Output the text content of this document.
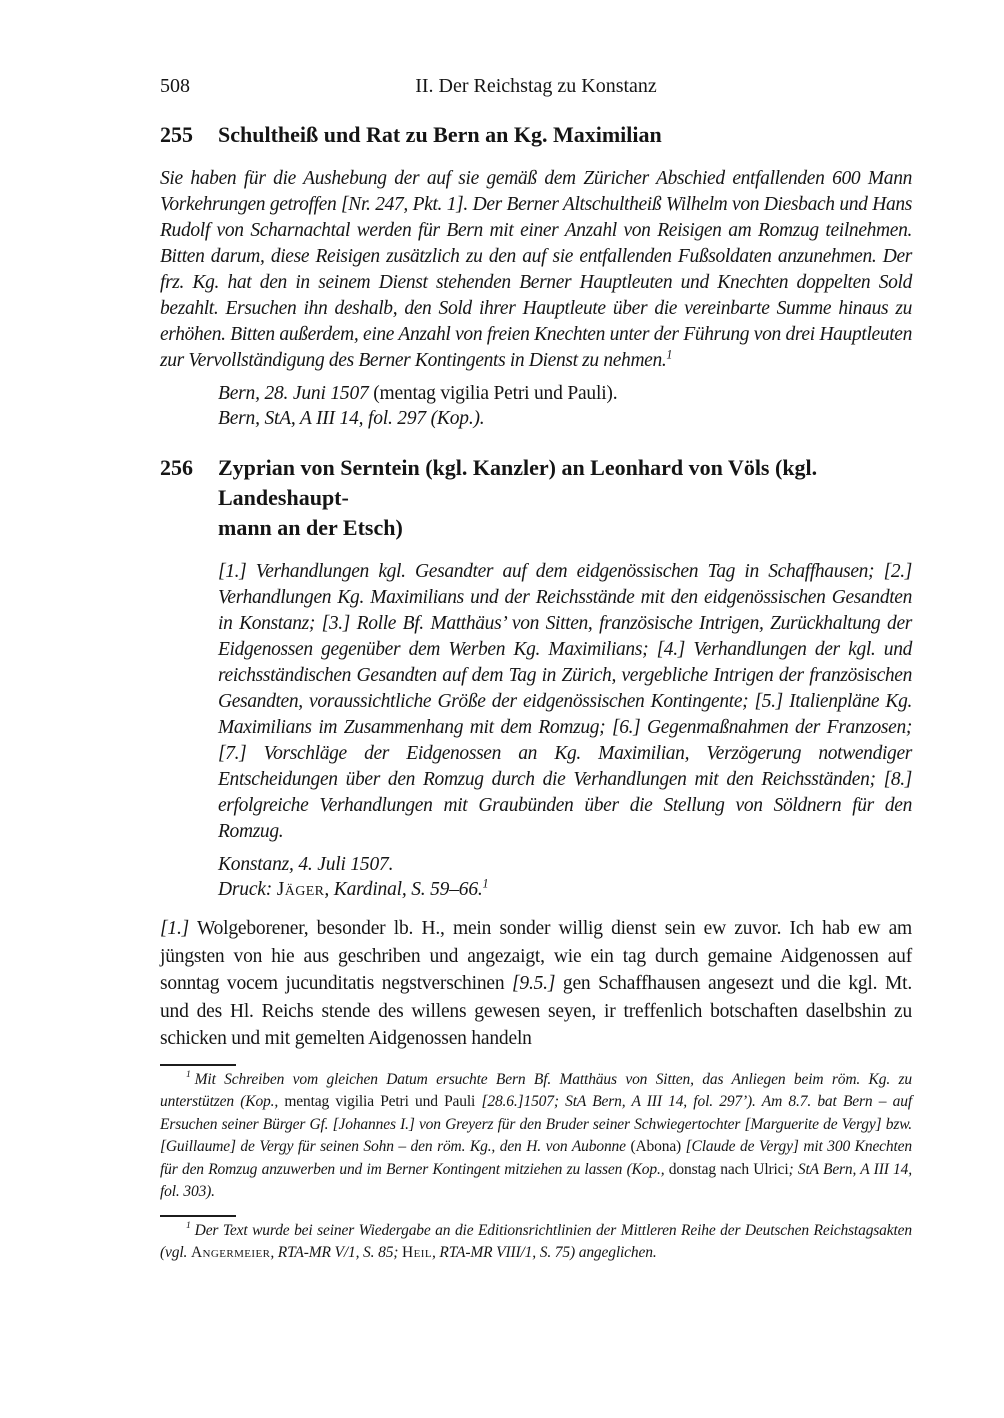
508	II. Der Reichstag zu Konstanz
255	Schultheiß und Rat zu Bern an Kg. Maximilian

Sie haben für die Aushebung der auf sie gemäß dem Züricher Abschied entfallenden 600 Mann Vorkehrungen getroffen [Nr. 247, Pkt. 1]. Der Berner Altschultheiß Wilhelm von Diesbach und Hans Rudolf von Scharnachtal werden für Bern mit einer Anzahl von Reisigen am Romzug teilnehmen. Bitten darum, diese Reisigen zusätzlich zu den auf sie entfallenden Fußsoldaten anzunehmen. Der frz. Kg. hat den in seinem Dienst stehenden Berner Hauptleuten und Knechten doppelten Sold bezahlt. Ersuchen ihn deshalb, den Sold ihrer Hauptleute über die vereinbarte Summe hinaus zu erhöhen. Bitten außerdem, eine Anzahl von freien Knechten unter der Führung von drei Hauptleuten zur Vervollständigung des Berner Kontingents in Dienst zu nehmen.$^1$

Bern, 28. Juni 1507 (mentag vigilia Petri und Pauli).
Bern, StA, A III 14, fol. 297 (Kop.).
256	Zyprian von Serntein (kgl. Kanzler) an Leonhard von Völs (kgl. Landeshaupt-
mann an der Etsch)

[1.] Verhandlungen kgl. Gesandter auf dem eidgenössischen Tag in Schaffhausen; [2.] Verhandlungen Kg. Maximilians und der Reichsstände mit den eidgenössischen Gesandten in Konstanz; [3.] Rolle Bf. Matthäus’ von Sitten, französische Intrigen, Zurückhaltung der Eidgenossen gegenüber dem Werben Kg. Maximilians; [4.] Verhandlungen der kgl. und reichsständischen Gesandten auf dem Tag in Zürich, vergebliche Intrigen der französischen Gesandten, voraussichtliche Größe der eidgenössischen Kontingente; [5.] Italienpläne Kg. Maximilians im Zusammenhang mit dem Romzug; [6.] Gegenmaßnahmen der Franzosen; [7.] Vorschläge der Eidgenossen an Kg. Maximilian, Verzögerung notwendiger Entscheidungen über den Romzug durch die Verhandlungen mit den Reichsständen; [8.] erfolgreiche Verhandlungen mit Graubünden über die Stellung von Söldnern für den Romzug.

Konstanz, 4. Juli 1507.
Druck: Jäger, Kardinal, S. 59–66.$^1$

[1.] Wolgeborener, besonder lb. H., mein sonder willig dienst sein ew zuvor. Ich hab ew am jüngsten von hie aus geschriben und angezaigt, wie ein tag durch gemaine Aidgenossen auf sonntag vocem jucunditatis negstverschinen [9.5.] gen Schaffhausen angesezt und die kgl. Mt. und des Hl. Reichs stende des willens gewesen seyen, ir treffenlich botschaften daselbshin zu schicken und mit gemelten Aidgenossen handeln

$^1$ Mit Schreiben vom gleichen Datum ersuchte Bern Bf. Matthäus von Sitten, das Anliegen beim röm. Kg. zu unterstützen (Kop., mentag vigilia Petri und Pauli [28.6.]1507; StA Bern, A III 14, fol. 297’). Am 8.7. bat Bern – auf Ersuchen seiner Bürger Gf. [Johannes I.] von Greyerz für den Bruder seiner Schwiegertochter [Marguerite de Vergy] bzw. [Guillaume] de Vergy für seinen Sohn – den röm. Kg., den H. von Aubonne (Abona) [Claude de Vergy] mit 300 Knechten für den Romzug anzuwerben und im Berner Kontingent mitziehen zu lassen (Kop., donstag nach Ulrici; StA Bern, A III 14, fol. 303).

$^1$ Der Text wurde bei seiner Wiedergabe an die Editionsrichtlinien der Mittleren Reihe der Deutschen Reichstagsakten (vgl. Angermeier, RTA-MR V/1, S. 85; Heil, RTA-MR VIII/1, S. 75) angeglichen.
